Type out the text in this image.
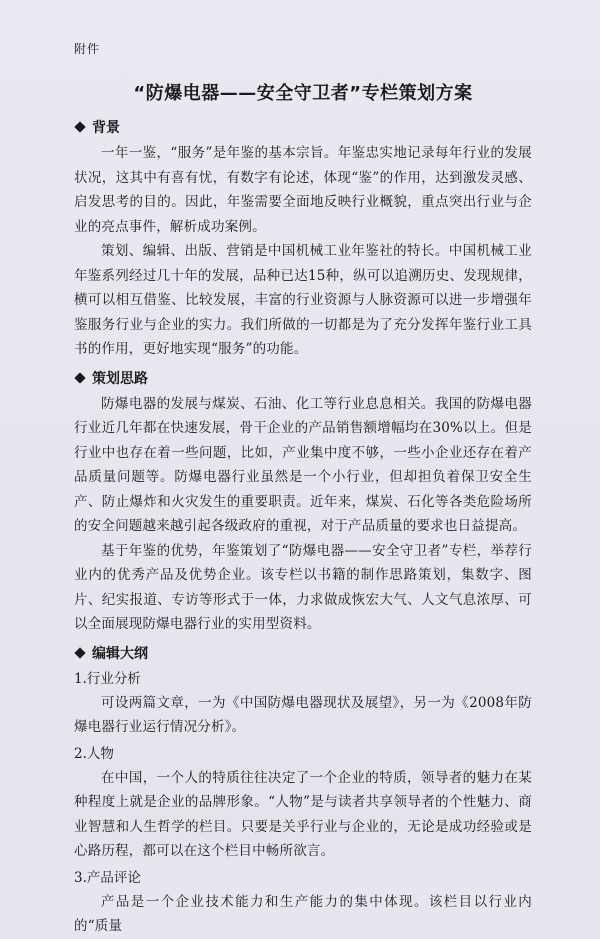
附件
“防爆电器——安全守卫者”专栏策划方案
背景

一年一鉴，“服务”是年鉴的基本宗旨。年鉴忠实地记录每年行业的发展状况，这其中有喜有忧，有数字有论述，体现“鉴”的作用，达到激发灵感、启发思考的目的。因此，年鉴需要全面地反映行业概貌，重点突出行业与企业的亮点事件，解析成功案例。

策划、编辑、出版、营销是中国机械工业年鉴社的特长。中国机械工业年鉴系列经过几十年的发展，品种已达15种，纵可以追溯历史、发现规律，横可以相互借鉴、比较发展，丰富的行业资源与人脉资源可以进一步增强年鉴服务行业与企业的实力。我们所做的一切都是为了充分发挥年鉴行业工具书的作用，更好地实现“服务”的功能。

策划思路

防爆电器的发展与煤炭、石油、化工等行业息息相关。我国的防爆电器行业近几年都在快速发展，骨干企业的产品销售额增幅均在30%以上。但是行业中也存在着一些问题，比如，产业集中度不够，一些小企业还存在着产品质量问题等。防爆电器行业虽然是一个小行业，但却担负着保卫安全生产、防止爆炸和火灾发生的重要职责。近年来，煤炭、石化等各类危险场所的安全问题越来越引起各级政府的重视，对于产品质量的要求也日益提高。

基于年鉴的优势，年鉴策划了“防爆电器——安全守卫者”专栏，举荐行业内的优秀产品及优势企业。该专栏以书籍的制作思路策划，集数字、图片、纪实报道、专访等形式于一体，力求做成恢宏大气、人文气息浓厚、可以全面展现防爆电器行业的实用型资料。

编辑大纲
1.行业分析

可设两篇文章，一为《中国防爆电器现状及展望》，另一为《2008年防爆电器行业运行情况分析》。

2.人物

在中国，一个人的特质往往决定了一个企业的特质，领导者的魅力在某种程度上就是企业的品牌形象。“人物”是与读者共享领导者的个性魅力、商业智慧和人生哲学的栏目。只要是关乎行业与企业的，无论是成功经验或是心路历程，都可以在这个栏目中畅所欲言。

3.产品评论

产品是一个企业技术能力和生产能力的集中体现。该栏目以行业内的“质量
